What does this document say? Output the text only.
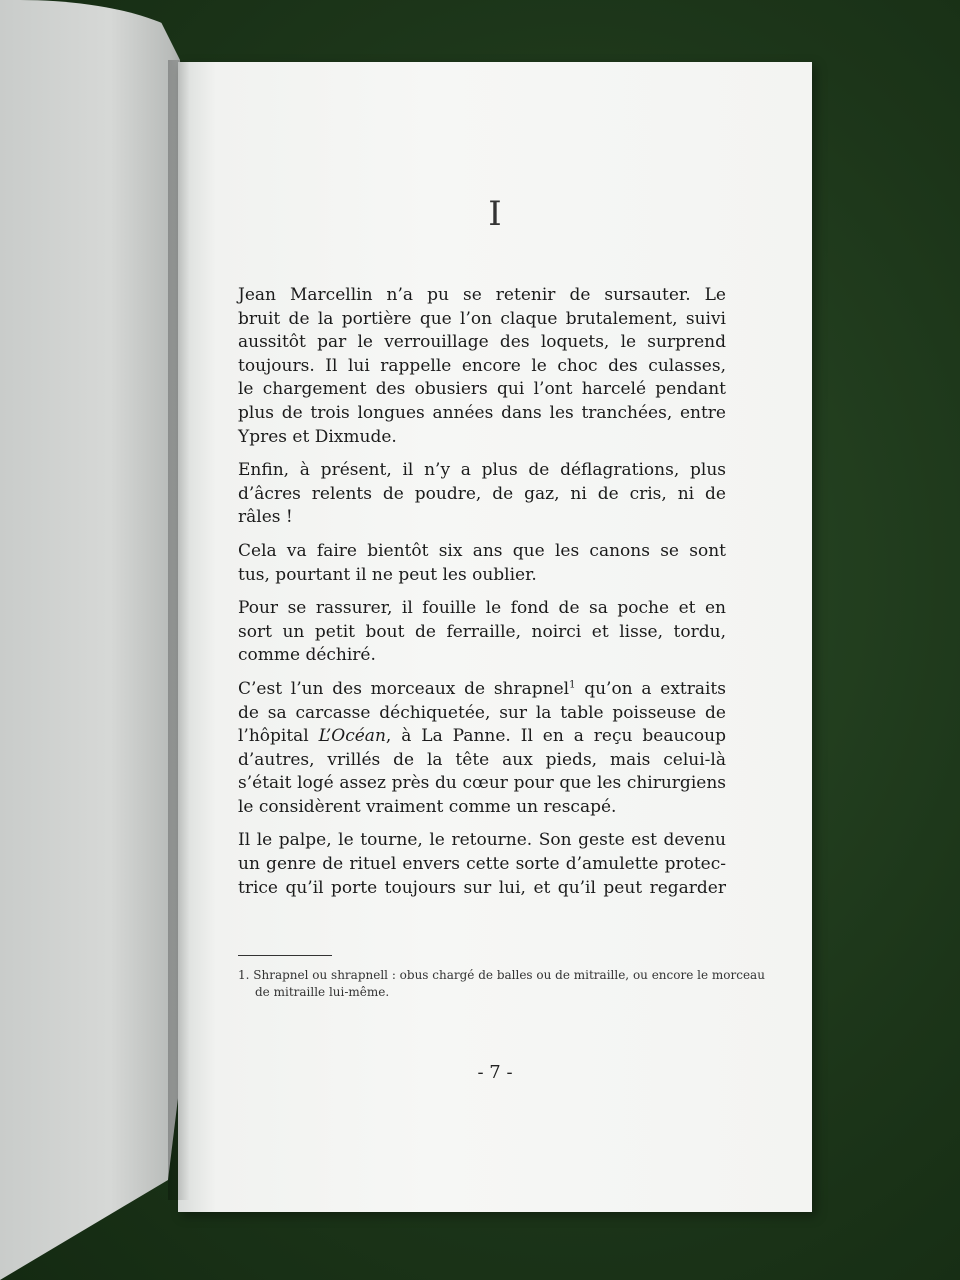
I

Jean Marcellin n’a pu se retenir de sursauter. Le
bruit de la portière que l’on claque brutalement, suivi
aussitôt par le verrouillage des loquets, le surprend
toujours. Il lui rappelle encore le choc des culasses,
le chargement des obusiers qui l’ont harcelé pendant
plus de trois longues années dans les tranchées, entre
Ypres et Dixmude.

Enfin, à présent, il n’y a plus de déflagrations, plus
d’âcres relents de poudre, de gaz, ni de cris, ni de
râles !

Cela va faire bientôt six ans que les canons se sont
tus, pourtant il ne peut les oublier.

Pour se rassurer, il fouille le fond de sa poche et en
sort un petit bout de ferraille, noirci et lisse, tordu,
comme déchiré.

C’est l’un des morceaux de shrapnel$^1$ qu’on a extraits
de sa carcasse déchiquetée, sur la table poisseuse de
l’hôpital L’Océan, à La Panne. Il en a reçu beaucoup
d’autres, vrillés de la tête aux pieds, mais celui-là
s’était logé assez près du cœur pour que les chirurgiens
le considèrent vraiment comme un rescapé.

Il le palpe, le tourne, le retourne. Son geste est devenu
un genre de rituel envers cette sorte d’amulette protec-
trice qu’il porte toujours sur lui, et qu’il peut regarder

1. Shrapnel ou shrapnell : obus chargé de balles ou de mitraille, ou encore le morceau
de mitraille lui-même.
- 7 -
